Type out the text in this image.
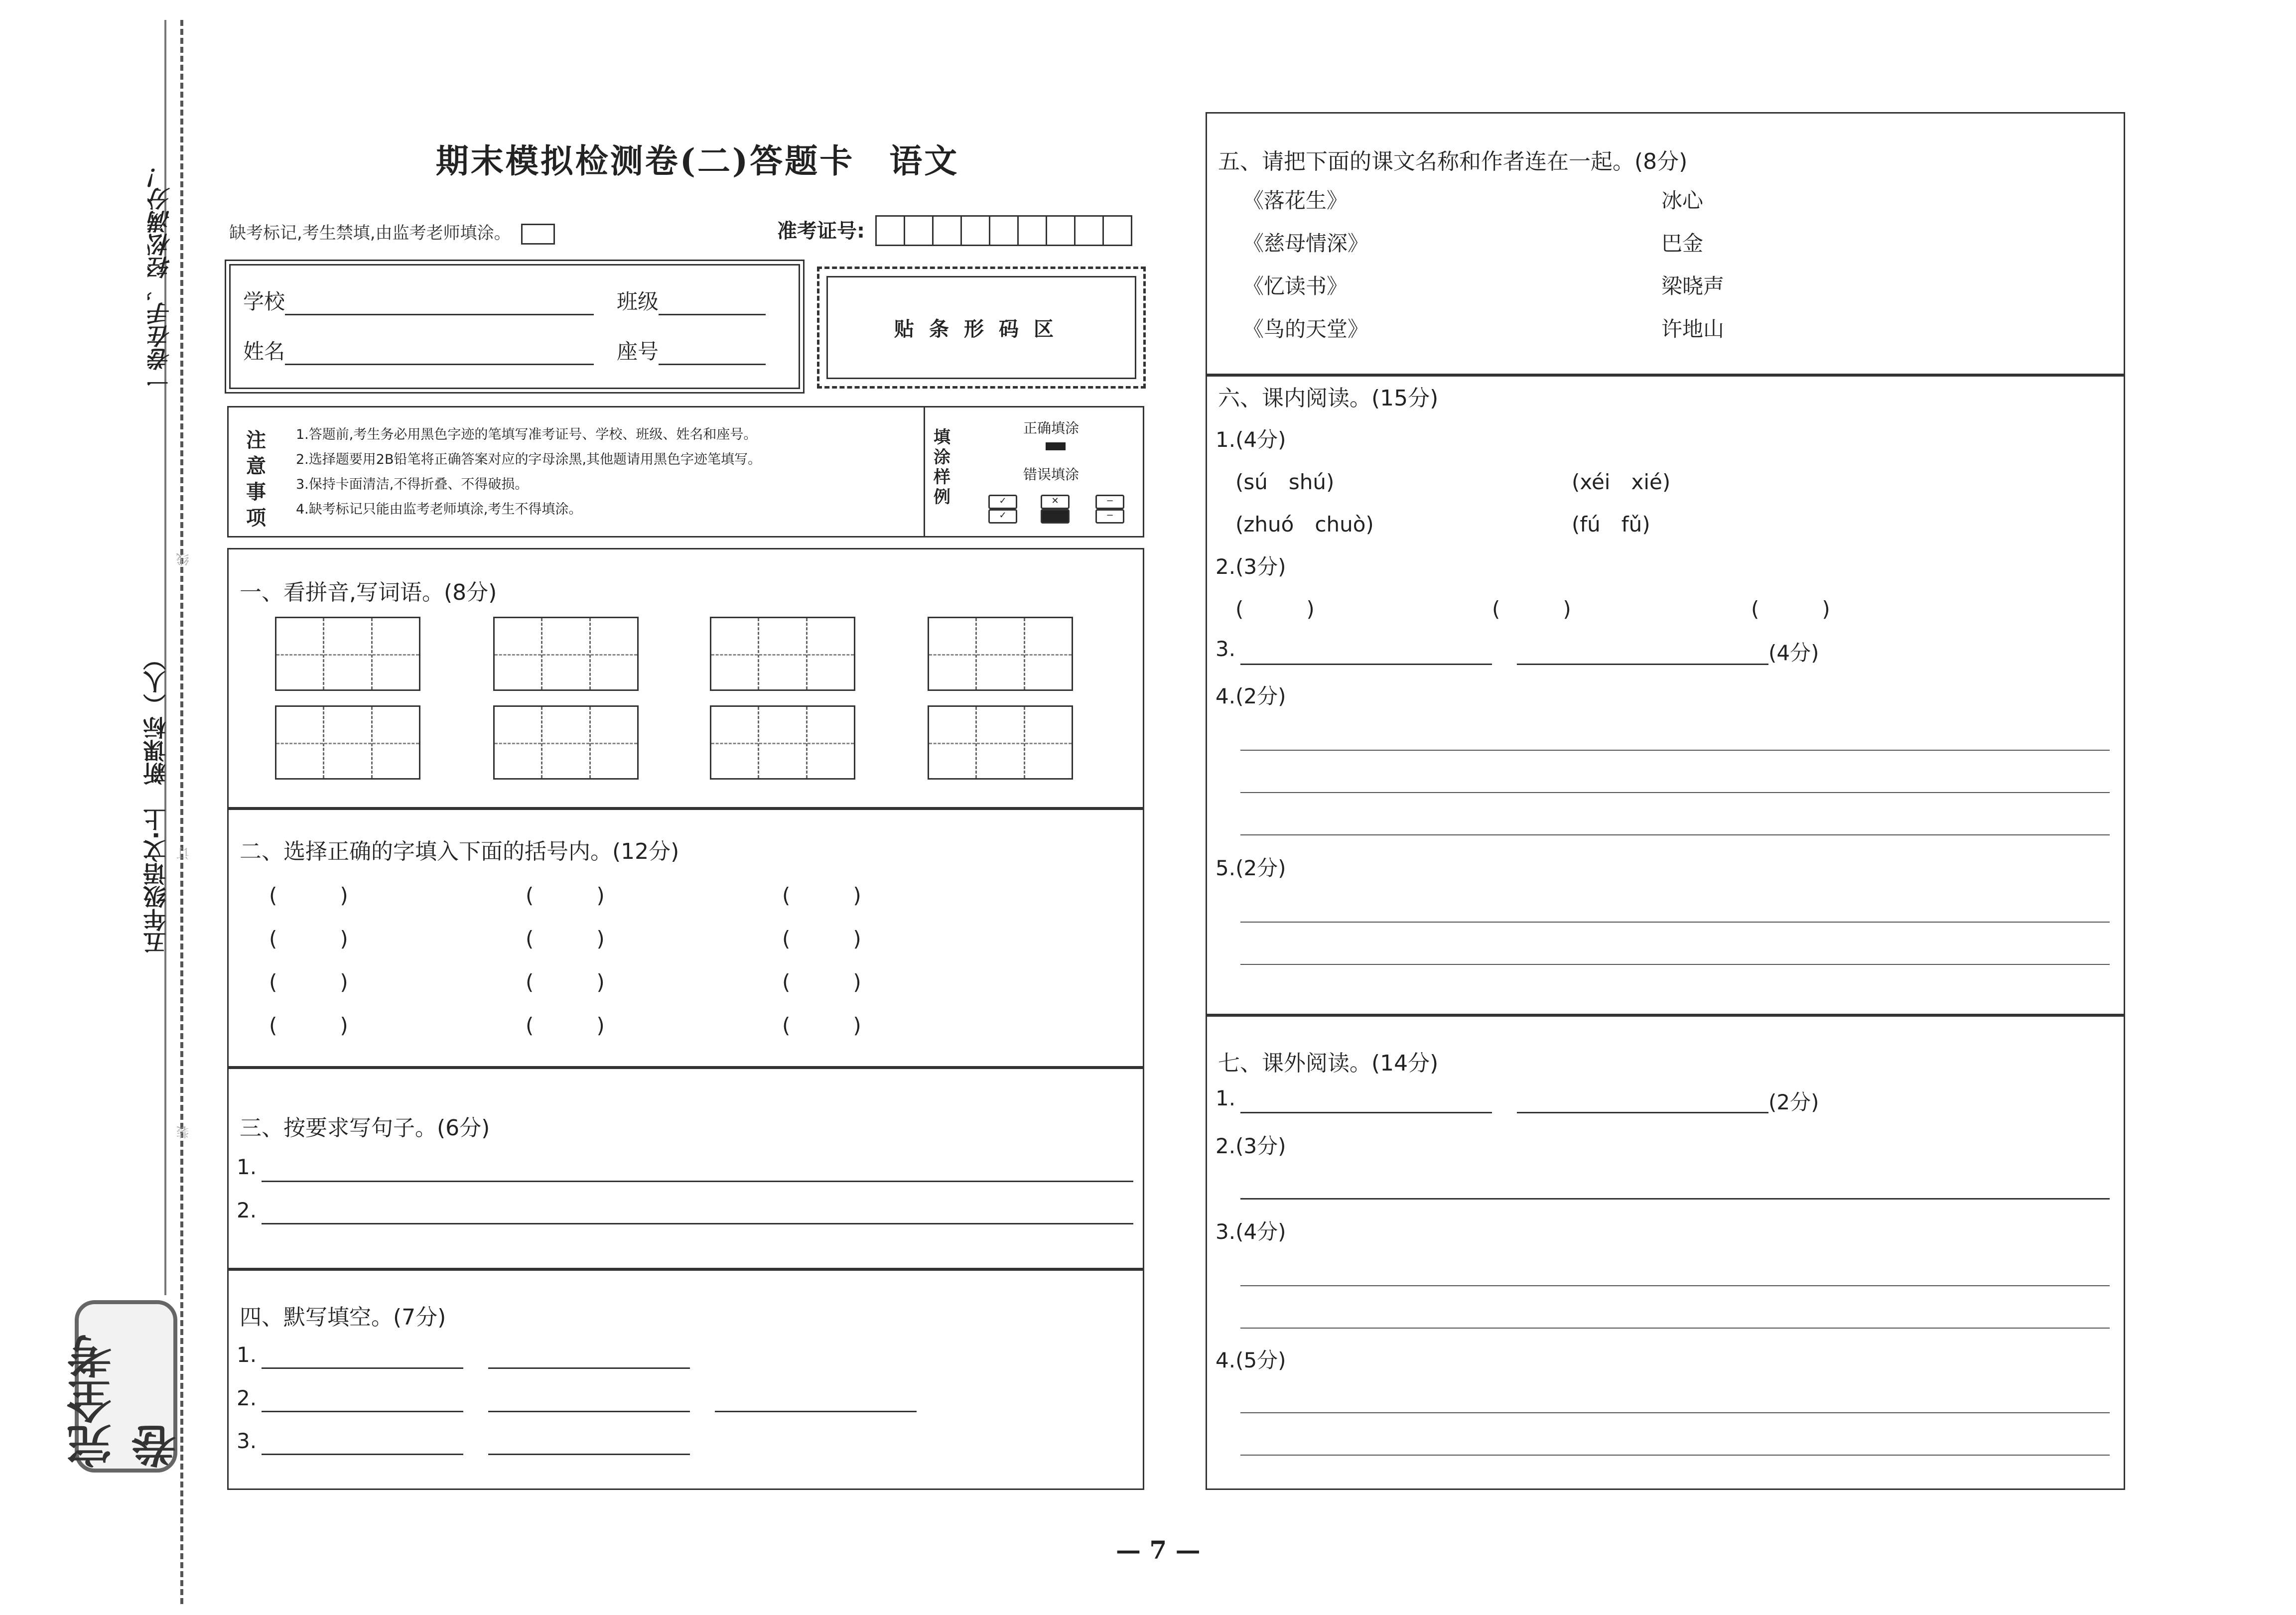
一卷在手，轻松满分！
五年级语文·上　新课标（人）
线
订
装
完全考卷
期末模拟检测卷(二)答题卡　语文
缺考标记,考生禁填,由监考老师填涂。	准考证号:
学校	班级
姓名	座号
贴条形码区
注意事项
1.答题前,考生务必用黑色字迹的笔填写准考证号、学校、班级、姓名和座号。
2.选择题要用2B铅笔将正确答案对应的字母涂黑,其他题请用黑色字迹笔填写。
3.保持卡面清洁,不得折叠、不得破损。
4.缺考标记只能由监考老师填涂,考生不得填涂。
填涂样例
正确填涂
错误填涂
✓
✓
✕	−
−
一、看拼音,写词语。(8分)
二、选择正确的字填入下面的括号内。(12分)
(　　　)	(　　　)	(　　　)
(　　　)	(　　　)	(　　　)
(　　　)	(　　　)	(　　　)
(　　　)	(　　　)	(　　　)
三、按要求写句子。(6分)
1.
2.
四、默写填空。(7分)
1.
2.
3.
五、请把下面的课文名称和作者连在一起。(8分)
《落花生》	冰心
《慈母情深》	巴金
《忆读书》	梁晓声
《鸟的天堂》	许地山
六、课内阅读。(15分)
1.(4分)
(sú　shú)	(xéi　xié)
(zhuó　chuò)	(fú　fǔ)
2.(3分)
(　　　)	(　　　)	(　　　)
3.	(4分)
4.(2分)
5.(2分)
七、课外阅读。(14分)
1.	(2分)
2.(3分)
3.(4分)
4.(5分)
— 7 —
